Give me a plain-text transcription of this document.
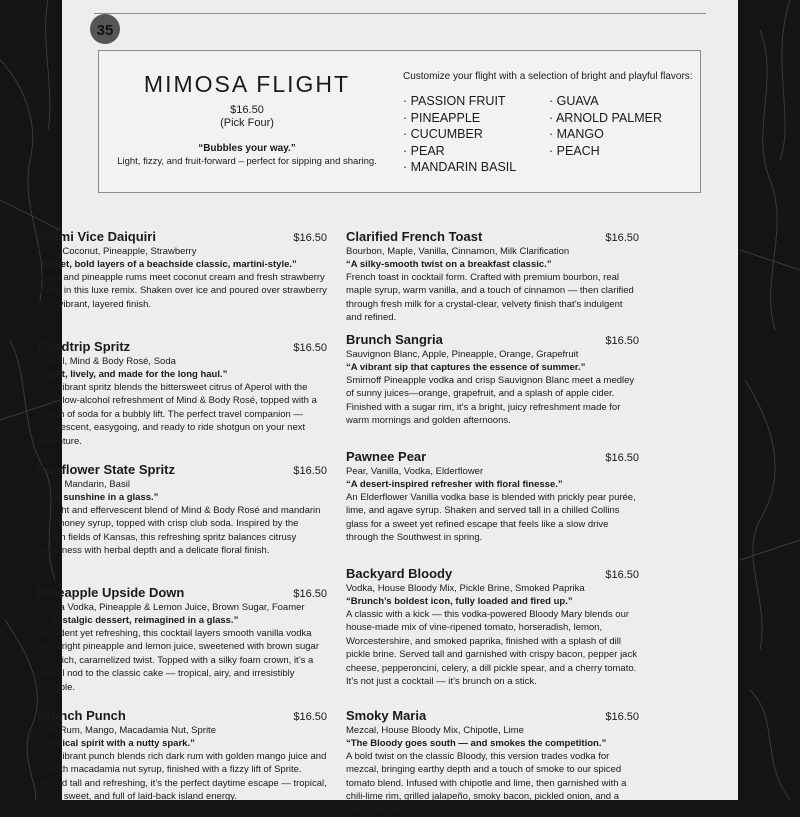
35
MIMOSA FLIGHT
$16.50
(Pick Four)
“Bubbles your way.”
Light, fizzy, and fruit-forward – perfect for sipping and sharing.
Customize your flight with a selection of bright and playful flavors:
· PASSION FRUIT	· GUAVA
· PINEAPPLE	· ARNOLD PALMER
· CUCUMBER	· MANGO
· PEAR	· PEACH
· MANDARIN BASIL
Miami Vice Daiquiri	$16.50
Rum, Coconut, Pineapple, Strawberry
“Sweet, bold layers of a beachside classic, martini-style.”
Silver and pineapple rums meet coconut cream and fresh strawberry purée in this luxe remix. Shaken over ice and poured over strawberry for a vibrant, layered finish.
Roadtrip Spritz	$16.50
Aperol, Mind & Body Rosé, Soda
“Light, lively, and made for the long haul.”
This vibrant spritz blends the bittersweet citrus of Aperol with the crisp, low-alcohol refreshment of Mind & Body Rosé, topped with a splash of soda for a bubbly lift. The perfect travel companion — effervescent, easygoing, and ready to ride shotgun on your next adventure.
Sunflower State Spritz	$16.50
Rosé, Mandarin, Basil
“Like sunshine in a glass.”
A bright and effervescent blend of Mind & Body Rosé and mandarin basil honey syrup, topped with crisp club soda. Inspired by the golden fields of Kansas, this refreshing spritz balances citrusy sweetness with herbal depth and a delicate floral finish.
Pineapple Upside Down	$16.50
Vanilla Vodka, Pineapple & Lemon Juice, Brown Sugar, Foamer
“A nostalgic dessert, reimagined in a glass.”
Decadent yet refreshing, this cocktail layers smooth vanilla vodka with bright pineapple and lemon juice, sweetened with brown sugar for a rich, caramelized twist. Topped with a silky foam crown, it’s a playful nod to the classic cake — tropical, airy, and irresistibly sippable.
Brunch Punch	$16.50
Dark Rum, Mango, Macadamia Nut, Sprite
“Tropical spirit with a nutty spark.”
This vibrant punch blends rich dark rum with golden mango juice and smooth macadamia nut syrup, finished with a fizzy lift of Sprite. Served tall and refreshing, it’s the perfect daytime escape — tropical, lightly sweet, and full of laid-back island energy.
Clarified French Toast	$16.50
Bourbon, Maple, Vanilla, Cinnamon, Milk Clarification
“A silky-smooth twist on a breakfast classic.”
French toast in cocktail form. Crafted with premium bourbon, real maple syrup, warm vanilla, and a touch of cinnamon — then clarified through fresh milk for a crystal-clear, velvety finish that’s indulgent and refined.
Brunch Sangria	$16.50
Sauvignon Blanc, Apple, Pineapple, Orange, Grapefruit
“A vibrant sip that captures the essence of summer.”
Smirnoff Pineapple vodka and crisp Sauvignon Blanc meet a medley of sunny juices—orange, grapefruit, and a splash of apple cider. Finished with a sugar rim, it’s a bright, juicy refreshment made for warm mornings and golden afternoons.
Pawnee Pear	$16.50
Pear, Vanilla, Vodka, Elderflower
“A desert-inspired refresher with floral finesse.”
An Elderflower Vanilla vodka base is blended with prickly pear purée, lime, and agave syrup. Shaken and served tall in a chilled Collins glass for a sweet yet refined escape that feels like a slow drive through the Southwest in spring.
Backyard Bloody	$16.50
Vodka, House Bloody Mix, Pickle Brine, Smoked Paprika
“Brunch’s boldest icon, fully loaded and fired up.”
A classic with a kick — this vodka-powered Bloody Mary blends our house-made mix of vine-ripened tomato, horseradish, lemon, Worcestershire, and smoked paprika, finished with a splash of dill pickle brine. Served tall and garnished with crispy bacon, pepper jack cheese, pepperoncini, celery, a dill pickle spear, and a cherry tomato. It’s not just a cocktail — it’s brunch on a stick.
Smoky Maria	$16.50
Mezcal, House Bloody Mix, Chipotle, Lime
“The Bloody goes south — and smokes the competition.”
A bold twist on the classic Bloody, this version trades vodka for mezcal, bringing earthy depth and a touch of smoke to our spiced tomato blend. Infused with chipotle and lime, then garnished with a chili-lime rim, grilled jalapeño, smoky bacon, pickled onion, and a wedge of lime.
